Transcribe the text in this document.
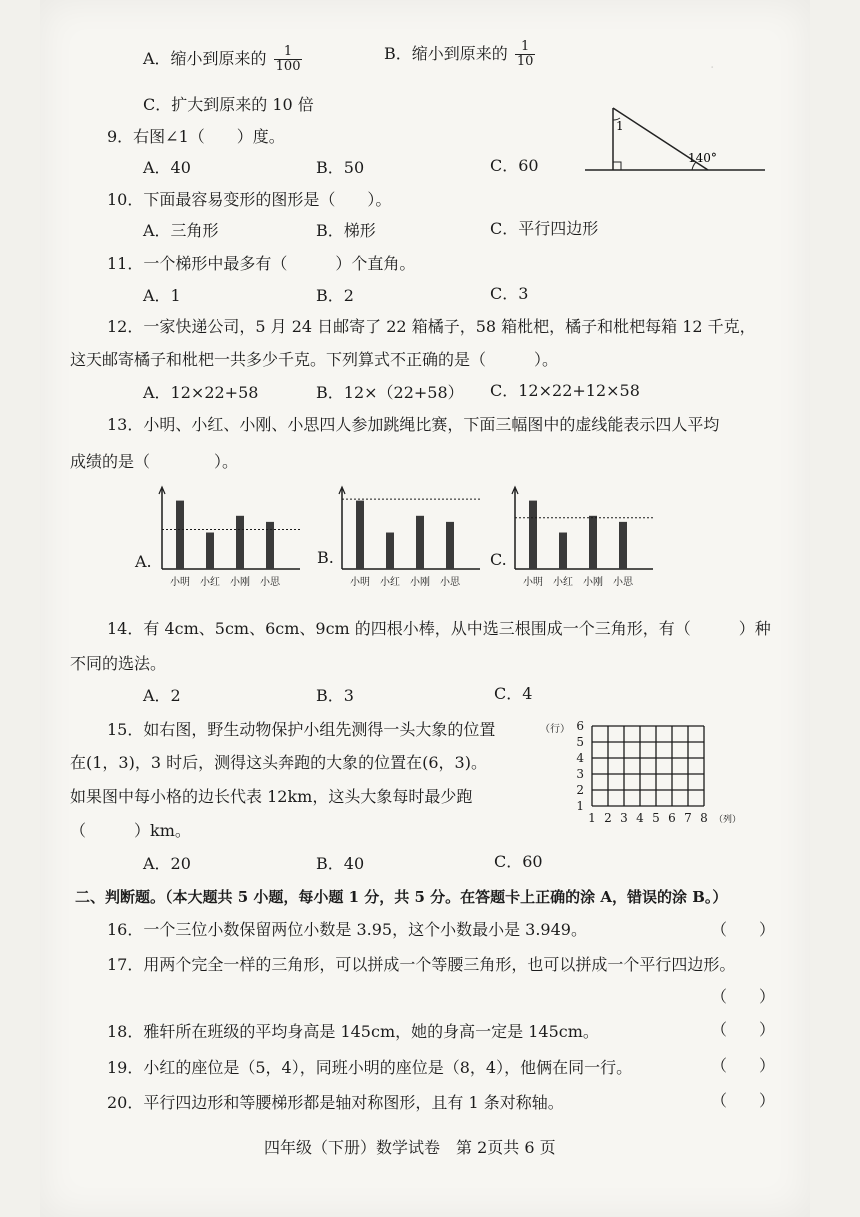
·
A．缩小到原来的 $\frac{1}{100}$	B．缩小到原来的 $\frac{1}{10}$
C．扩大到原来的 10 倍
9．右图∠1（　　）度。
A．40	B．50	C．60
1
140°
10．下面最容易变形的图形是（　　）。
A．三角形	B．梯形	C．平行四边形
11．一个梯形中最多有（　　　）个直角。
A．1	B．2	C．3
12．一家快递公司，5 月 24 日邮寄了 22 箱橘子，58 箱枇杷，橘子和枇杷每箱 12 千克，
这天邮寄橘子和枇杷一共多少千克。下列算式不正确的是（　　　）。
A．12×22+58	B．12×（22+58） C．12×22+12×58
13．小明、小红、小刚、小思四人参加跳绳比赛，下面三幅图中的虚线能表示四人平均
成绩的是（　　　　）。
A.	B.	C.
小明 小红 小刚 小思	小明 小红 小刚 小思	小明 小红 小刚 小思
14．有 4cm、5cm、6cm、9cm 的四根小棒，从中选三根围成一个三角形，有（　　　）种
不同的选法。
A．2	B．3	C．4
15．如右图，野生动物保护小组先测得一头大象的位置
在(1，3)，3 时后，测得这头奔跑的大象的位置在(6，3)。
如果图中每小格的边长代表 12km，这头大象每时最少跑
（　　　）km。
A．20	B．40	C．60
（行）
1 2 3 4 5 6 7 8
1
2
3
4
5
6
（列）
二、判断题。（本大题共 5 小题，每小题 1 分，共 5 分。在答题卡上正确的涂 A，错误的涂 B。）
16．一个三位小数保留两位小数是 3.95，这个小数最小是 3.949。	（　　）
17．用两个完全一样的三角形，可以拼成一个等腰三角形，也可以拼成一个平行四边形。
（　　）
18．雅轩所在班级的平均身高是 145cm，她的身高一定是 145cm。	（　　）
19．小红的座位是（5，4），同班小明的座位是（8，4），他俩在同一行。	（　　）
20．平行四边形和等腰梯形都是轴对称图形，且有 1 条对称轴。	（　　）
四年级（下册）数学试卷　第 2页共 6 页
